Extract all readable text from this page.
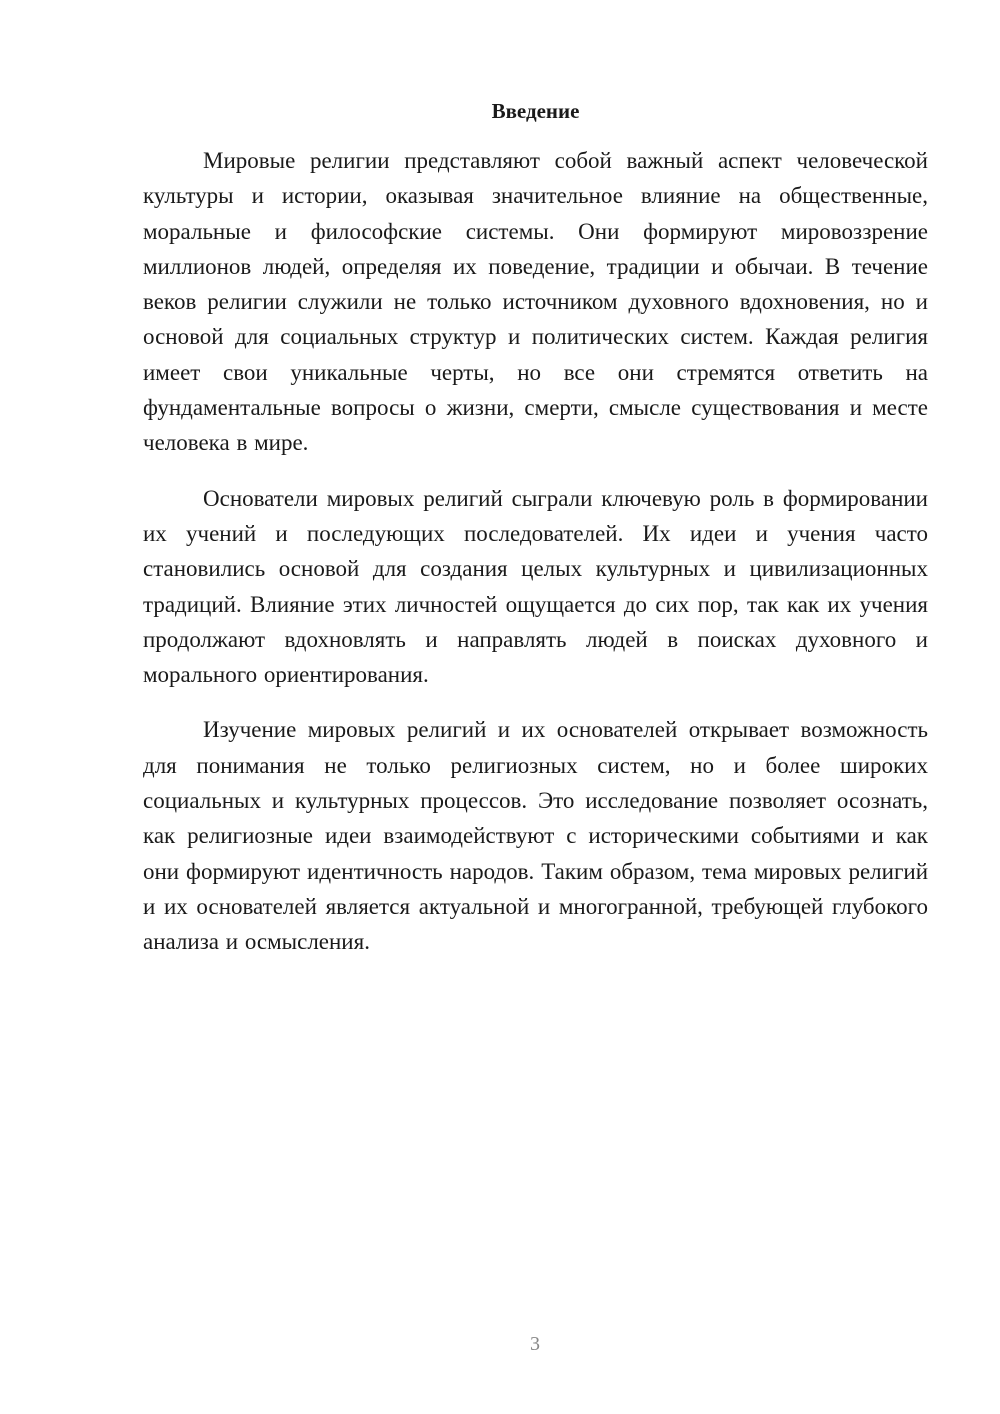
Введение

Мировые религии представляют собой важный аспект человеческой культуры и истории, оказывая значительное влияние на общественные, моральные и философские системы. Они формируют мировоззрение миллионов людей, определяя их поведение, традиции и обычаи. В течение веков религии служили не только источником духовного вдохновения, но и основой для социальных структур и политических систем. Каждая религия имеет свои уникальные черты, но все они стремятся ответить на фундаментальные вопросы о жизни, смерти, смысле существования и месте человека в мире.

Основатели мировых религий сыграли ключевую роль в формировании их учений и последующих последователей. Их идеи и учения часто становились основой для создания целых культурных и цивилизационных традиций. Влияние этих личностей ощущается до сих пор, так как их учения продолжают вдохновлять и направлять людей в поисках духовного и морального ориентирования.

Изучение мировых религий и их основателей открывает возможность для понимания не только религиозных систем, но и более широких социальных и культурных процессов. Это исследование позволяет осознать, как религиозные идеи взаимодействуют с историческими событиями и как они формируют идентичность народов. Таким образом, тема мировых религий и их основателей является актуальной и многогранной, требующей глубокого анализа и осмысления.

3
